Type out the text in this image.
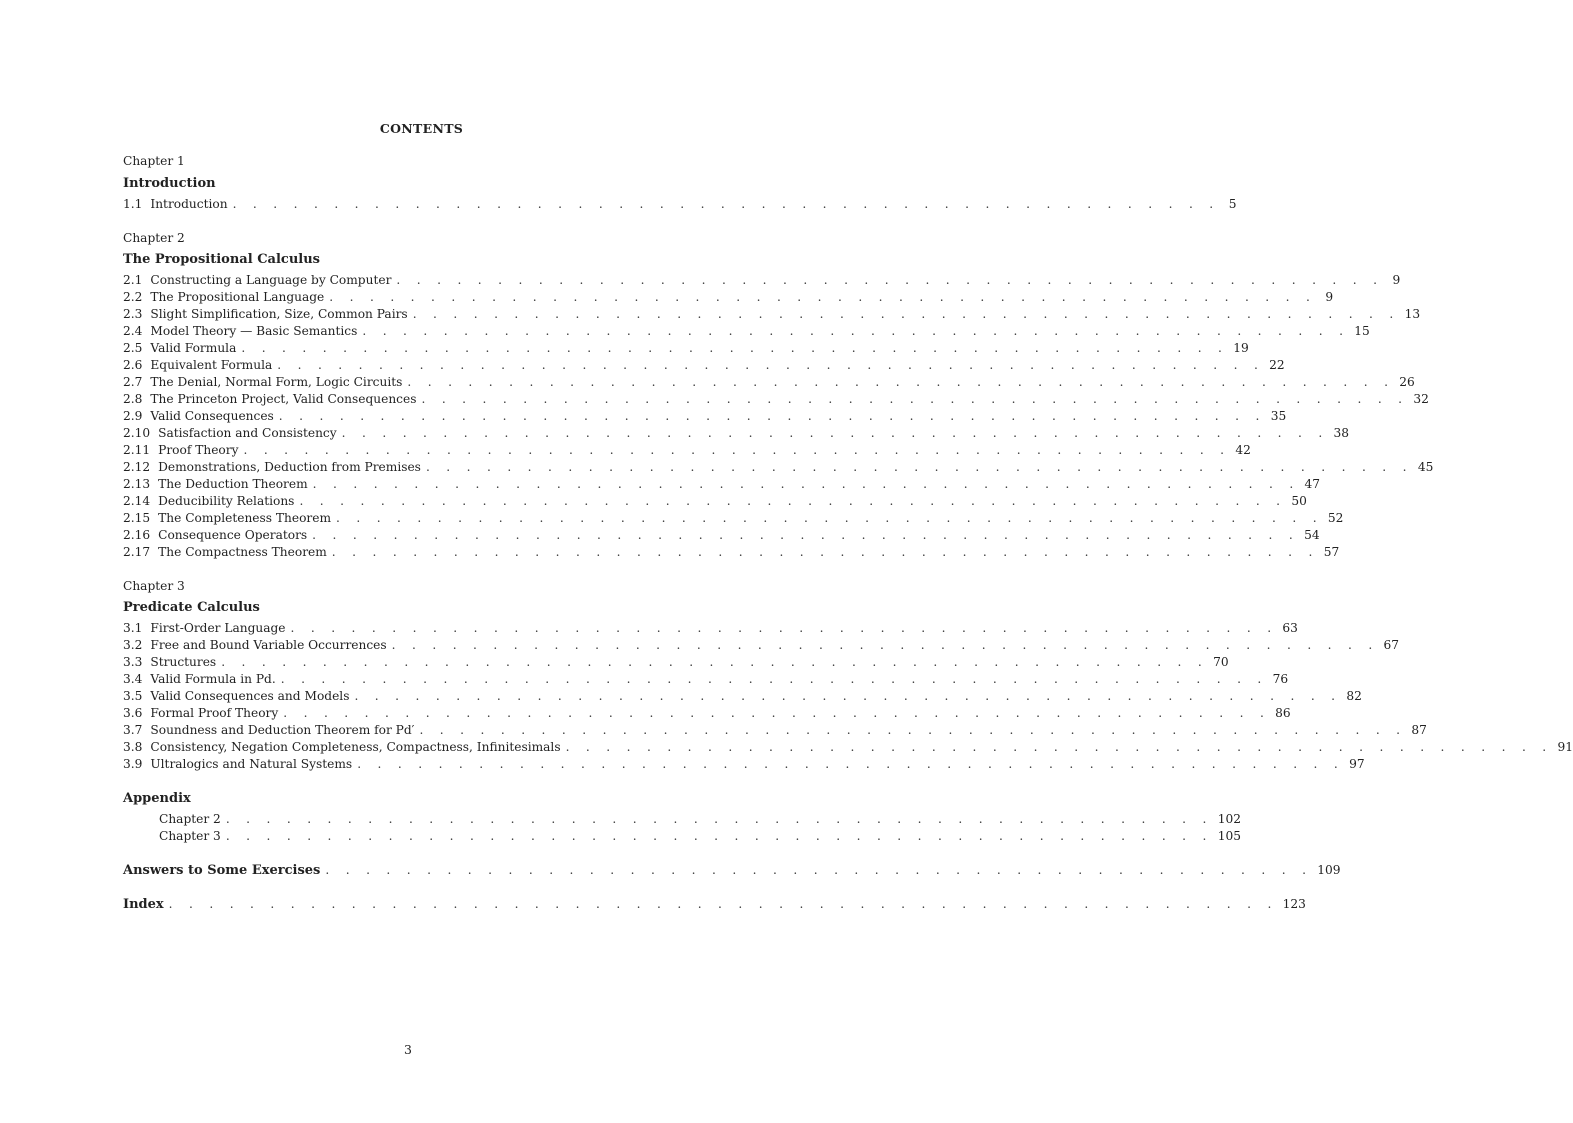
CONTENTS
Chapter 1
Introduction
1.1 Introduction . . . . . . . . . . . . . . . . . . . . . . . . . . . . . . . . . . . . . . . . . . . . . . . . . 5
Chapter 2
The Propositional Calculus
2.1 Constructing a Language by Computer . . . . . . . . . . . . . . . . . . . . . . . . . . . . . . . . . . . . . . . . . . . . . . . . . 9
2.2 The Propositional Language . . . . . . . . . . . . . . . . . . . . . . . . . . . . . . . . . . . . . . . . . . . . . . . . . 9
2.3 Slight Simplification, Size, Common Pairs . . . . . . . . . . . . . . . . . . . . . . . . . . . . . . . . . . . . . . . . . . . . . . . . . 13
2.4 Model Theory — Basic Semantics . . . . . . . . . . . . . . . . . . . . . . . . . . . . . . . . . . . . . . . . . . . . . . . . . 15
2.5 Valid Formula . . . . . . . . . . . . . . . . . . . . . . . . . . . . . . . . . . . . . . . . . . . . . . . . . 19
2.6 Equivalent Formula . . . . . . . . . . . . . . . . . . . . . . . . . . . . . . . . . . . . . . . . . . . . . . . . . 22
2.7 The Denial, Normal Form, Logic Circuits . . . . . . . . . . . . . . . . . . . . . . . . . . . . . . . . . . . . . . . . . . . . . . . . . 26
2.8 The Princeton Project, Valid Consequences . . . . . . . . . . . . . . . . . . . . . . . . . . . . . . . . . . . . . . . . . . . . . . . . . 32
2.9 Valid Consequences . . . . . . . . . . . . . . . . . . . . . . . . . . . . . . . . . . . . . . . . . . . . . . . . . 35
2.10 Satisfaction and Consistency . . . . . . . . . . . . . . . . . . . . . . . . . . . . . . . . . . . . . . . . . . . . . . . . . 38
2.11 Proof Theory . . . . . . . . . . . . . . . . . . . . . . . . . . . . . . . . . . . . . . . . . . . . . . . . . 42
2.12 Demonstrations, Deduction from Premises . . . . . . . . . . . . . . . . . . . . . . . . . . . . . . . . . . . . . . . . . . . . . . . . . 45
2.13 The Deduction Theorem . . . . . . . . . . . . . . . . . . . . . . . . . . . . . . . . . . . . . . . . . . . . . . . . . 47
2.14 Deducibility Relations . . . . . . . . . . . . . . . . . . . . . . . . . . . . . . . . . . . . . . . . . . . . . . . . . 50
2.15 The Completeness Theorem . . . . . . . . . . . . . . . . . . . . . . . . . . . . . . . . . . . . . . . . . . . . . . . . . 52
2.16 Consequence Operators . . . . . . . . . . . . . . . . . . . . . . . . . . . . . . . . . . . . . . . . . . . . . . . . . 54
2.17 The Compactness Theorem . . . . . . . . . . . . . . . . . . . . . . . . . . . . . . . . . . . . . . . . . . . . . . . . . 57
Chapter 3
Predicate Calculus
3.1 First-Order Language . . . . . . . . . . . . . . . . . . . . . . . . . . . . . . . . . . . . . . . . . . . . . . . . . 63
3.2 Free and Bound Variable Occurrences . . . . . . . . . . . . . . . . . . . . . . . . . . . . . . . . . . . . . . . . . . . . . . . . . 67
3.3 Structures . . . . . . . . . . . . . . . . . . . . . . . . . . . . . . . . . . . . . . . . . . . . . . . . . 70
3.4 Valid Formula in Pd. . . . . . . . . . . . . . . . . . . . . . . . . . . . . . . . . . . . . . . . . . . . . . . . . . 76
3.5 Valid Consequences and Models . . . . . . . . . . . . . . . . . . . . . . . . . . . . . . . . . . . . . . . . . . . . . . . . . 82
3.6 Formal Proof Theory . . . . . . . . . . . . . . . . . . . . . . . . . . . . . . . . . . . . . . . . . . . . . . . . . 86
3.7 Soundness and Deduction Theorem for Pd′ . . . . . . . . . . . . . . . . . . . . . . . . . . . . . . . . . . . . . . . . . . . . . . . . . 87
3.8 Consistency, Negation Completeness, Compactness, Infinitesimals . . . . . . . . . . . . . . . . . . . . . . . . . . . . . . . . . . . . . . . . . . . . . . . . . 91
3.9 Ultralogics and Natural Systems . . . . . . . . . . . . . . . . . . . . . . . . . . . . . . . . . . . . . . . . . . . . . . . . . 97
Appendix
Chapter 2 . . . . . . . . . . . . . . . . . . . . . . . . . . . . . . . . . . . . . . . . . . . . . . . . . 102
Chapter 3 . . . . . . . . . . . . . . . . . . . . . . . . . . . . . . . . . . . . . . . . . . . . . . . . . 105
Answers to Some Exercises . . . . . . . . . . . . . . . . . . . . . . . . . . . . . . . . . . . . . . . . . . . . . . . . . 109
Index . . . . . . . . . . . . . . . . . . . . . . . . . . . . . . . . . . . . . . . . . . . . . . . . . . . . . . . 123
3
